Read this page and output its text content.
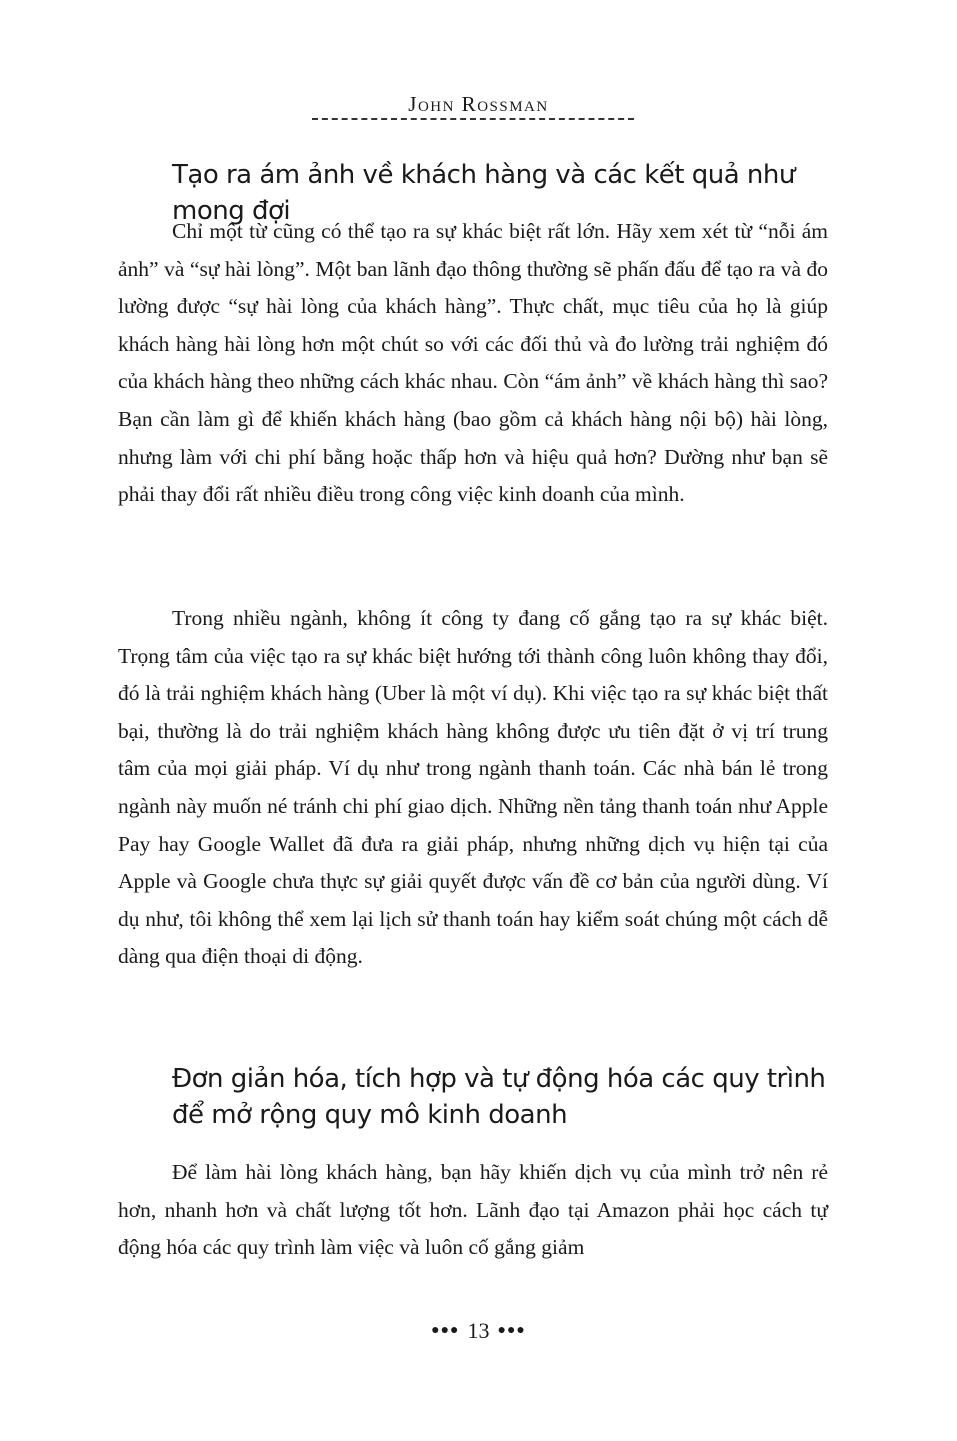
John Rossman
Tạo ra ám ảnh về khách hàng và các kết quả như mong đợi

Chỉ một từ cũng có thể tạo ra sự khác biệt rất lớn. Hãy xem xét từ “nỗi ám ảnh” và “sự hài lòng”. Một ban lãnh đạo thông thường sẽ phấn đấu để tạo ra và đo lường được “sự hài lòng của khách hàng”. Thực chất, mục tiêu của họ là giúp khách hàng hài lòng hơn một chút so với các đối thủ và đo lường trải nghiệm đó của khách hàng theo những cách khác nhau. Còn “ám ảnh” về khách hàng thì sao? Bạn cần làm gì để khiến khách hàng (bao gồm cả khách hàng nội bộ) hài lòng, nhưng làm với chi phí bằng hoặc thấp hơn và hiệu quả hơn? Dường như bạn sẽ phải thay đổi rất nhiều điều trong công việc kinh doanh của mình.

Trong nhiều ngành, không ít công ty đang cố gắng tạo ra sự khác biệt. Trọng tâm của việc tạo ra sự khác biệt hướng tới thành công luôn không thay đổi, đó là trải nghiệm khách hàng (Uber là một ví dụ). Khi việc tạo ra sự khác biệt thất bại, thường là do trải nghiệm khách hàng không được ưu tiên đặt ở vị trí trung tâm của mọi giải pháp. Ví dụ như trong ngành thanh toán. Các nhà bán lẻ trong ngành này muốn né tránh chi phí giao dịch. Những nền tảng thanh toán như Apple Pay hay Google Wallet đã đưa ra giải pháp, nhưng những dịch vụ hiện tại của Apple và Google chưa thực sự giải quyết được vấn đề cơ bản của người dùng. Ví dụ như, tôi không thể xem lại lịch sử thanh toán hay kiểm soát chúng một cách dễ dàng qua điện thoại di động.

Đơn giản hóa, tích hợp và tự động hóa các quy trình để mở rộng quy mô kinh doanh

Để làm hài lòng khách hàng, bạn hãy khiến dịch vụ của mình trở nên rẻ hơn, nhanh hơn và chất lượng tốt hơn. Lãnh đạo tại Amazon phải học cách tự động hóa các quy trình làm việc và luôn cố gắng giảm

●●● 13 ●●●
